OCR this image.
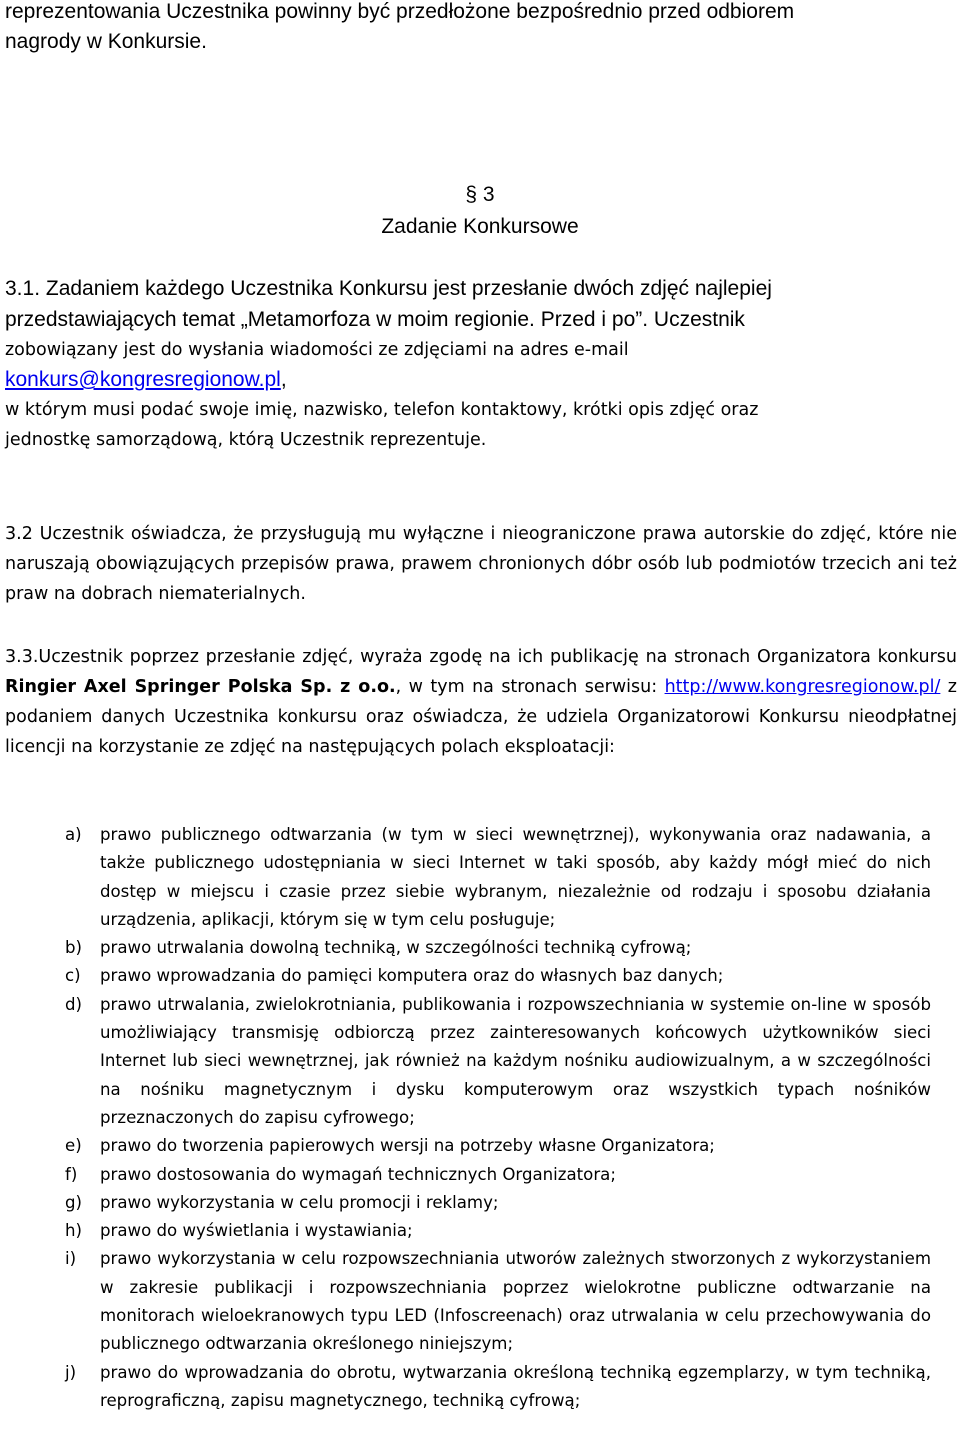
reprezentowania Uczestnika powinny być przedłożone bezpośrednio przed odbiorem
nagrody w Konkursie.
§ 3
Zadanie Konkursowe
3.1. Zadaniem każdego Uczestnika Konkursu jest przesłanie dwóch zdjęć najlepiej
przedstawiających temat „Metamorfoza w moim regionie. Przed i po”. Uczestnik
zobowiązany jest do wysłania wiadomości ze zdjęciami na adres e-mail
konkurs@kongresregionow.pl,
w którym musi podać swoje imię, nazwisko, telefon kontaktowy, krótki opis zdjęć oraz
jednostkę samorządową, którą Uczestnik reprezentuje.
3.2 Uczestnik oświadcza, że przysługują mu wyłączne i nieograniczone prawa autorskie do zdjęć, które nie naruszają obowiązujących przepisów prawa, prawem chronionych dóbr osób lub podmiotów trzecich ani też praw na dobrach niematerialnych.
3.3.Uczestnik poprzez przesłanie zdjęć, wyraża zgodę na ich publikację na stronach Organizatora konkursu Ringier Axel Springer Polska Sp. z o.o., w tym na stronach serwisu: http://www.kongresregionow.pl/ z podaniem danych Uczestnika konkursu oraz oświadcza, że udziela Organizatorowi Konkursu nieodpłatnej licencji na korzystanie ze zdjęć na następujących polach eksploatacji:
a) prawo publicznego odtwarzania (w tym w sieci wewnętrznej), wykonywania oraz nadawania, a także publicznego udostępniania w sieci Internet w taki sposób, aby każdy mógł mieć do nich dostęp w miejscu i czasie przez siebie wybranym, niezależnie od rodzaju i sposobu działania urządzenia, aplikacji, którym się w tym celu posługuje;
b) prawo utrwalania dowolną techniką, w szczególności techniką cyfrową;
c) prawo wprowadzania do pamięci komputera oraz do własnych baz danych;
d) prawo utrwalania, zwielokrotniania, publikowania i rozpowszechniania w systemie on-line w sposób umożliwiający transmisję odbiorczą przez zainteresowanych końcowych użytkowników sieci Internet lub sieci wewnętrznej, jak również na każdym nośniku audiowizualnym, a w szczególności na nośniku magnetycznym i dysku komputerowym oraz wszystkich typach nośników przeznaczonych do zapisu cyfrowego;
e) prawo do tworzenia papierowych wersji na potrzeby własne Organizatora;
f) prawo dostosowania do wymagań technicznych Organizatora;
g) prawo wykorzystania w celu promocji i reklamy;
h) prawo do wyświetlania i wystawiania;
i) prawo wykorzystania w celu rozpowszechniania utworów zależnych stworzonych z wykorzystaniem w zakresie publikacji i rozpowszechniania poprzez wielokrotne publiczne odtwarzanie na monitorach wieloekranowych typu LED (Infoscreenach) oraz utrwalania w celu przechowywania do publicznego odtwarzania określonego niniejszym;
j) prawo do wprowadzania do obrotu, wytwarzania określoną techniką egzemplarzy, w tym techniką, reprograficzną, zapisu magnetycznego, techniką cyfrową;
